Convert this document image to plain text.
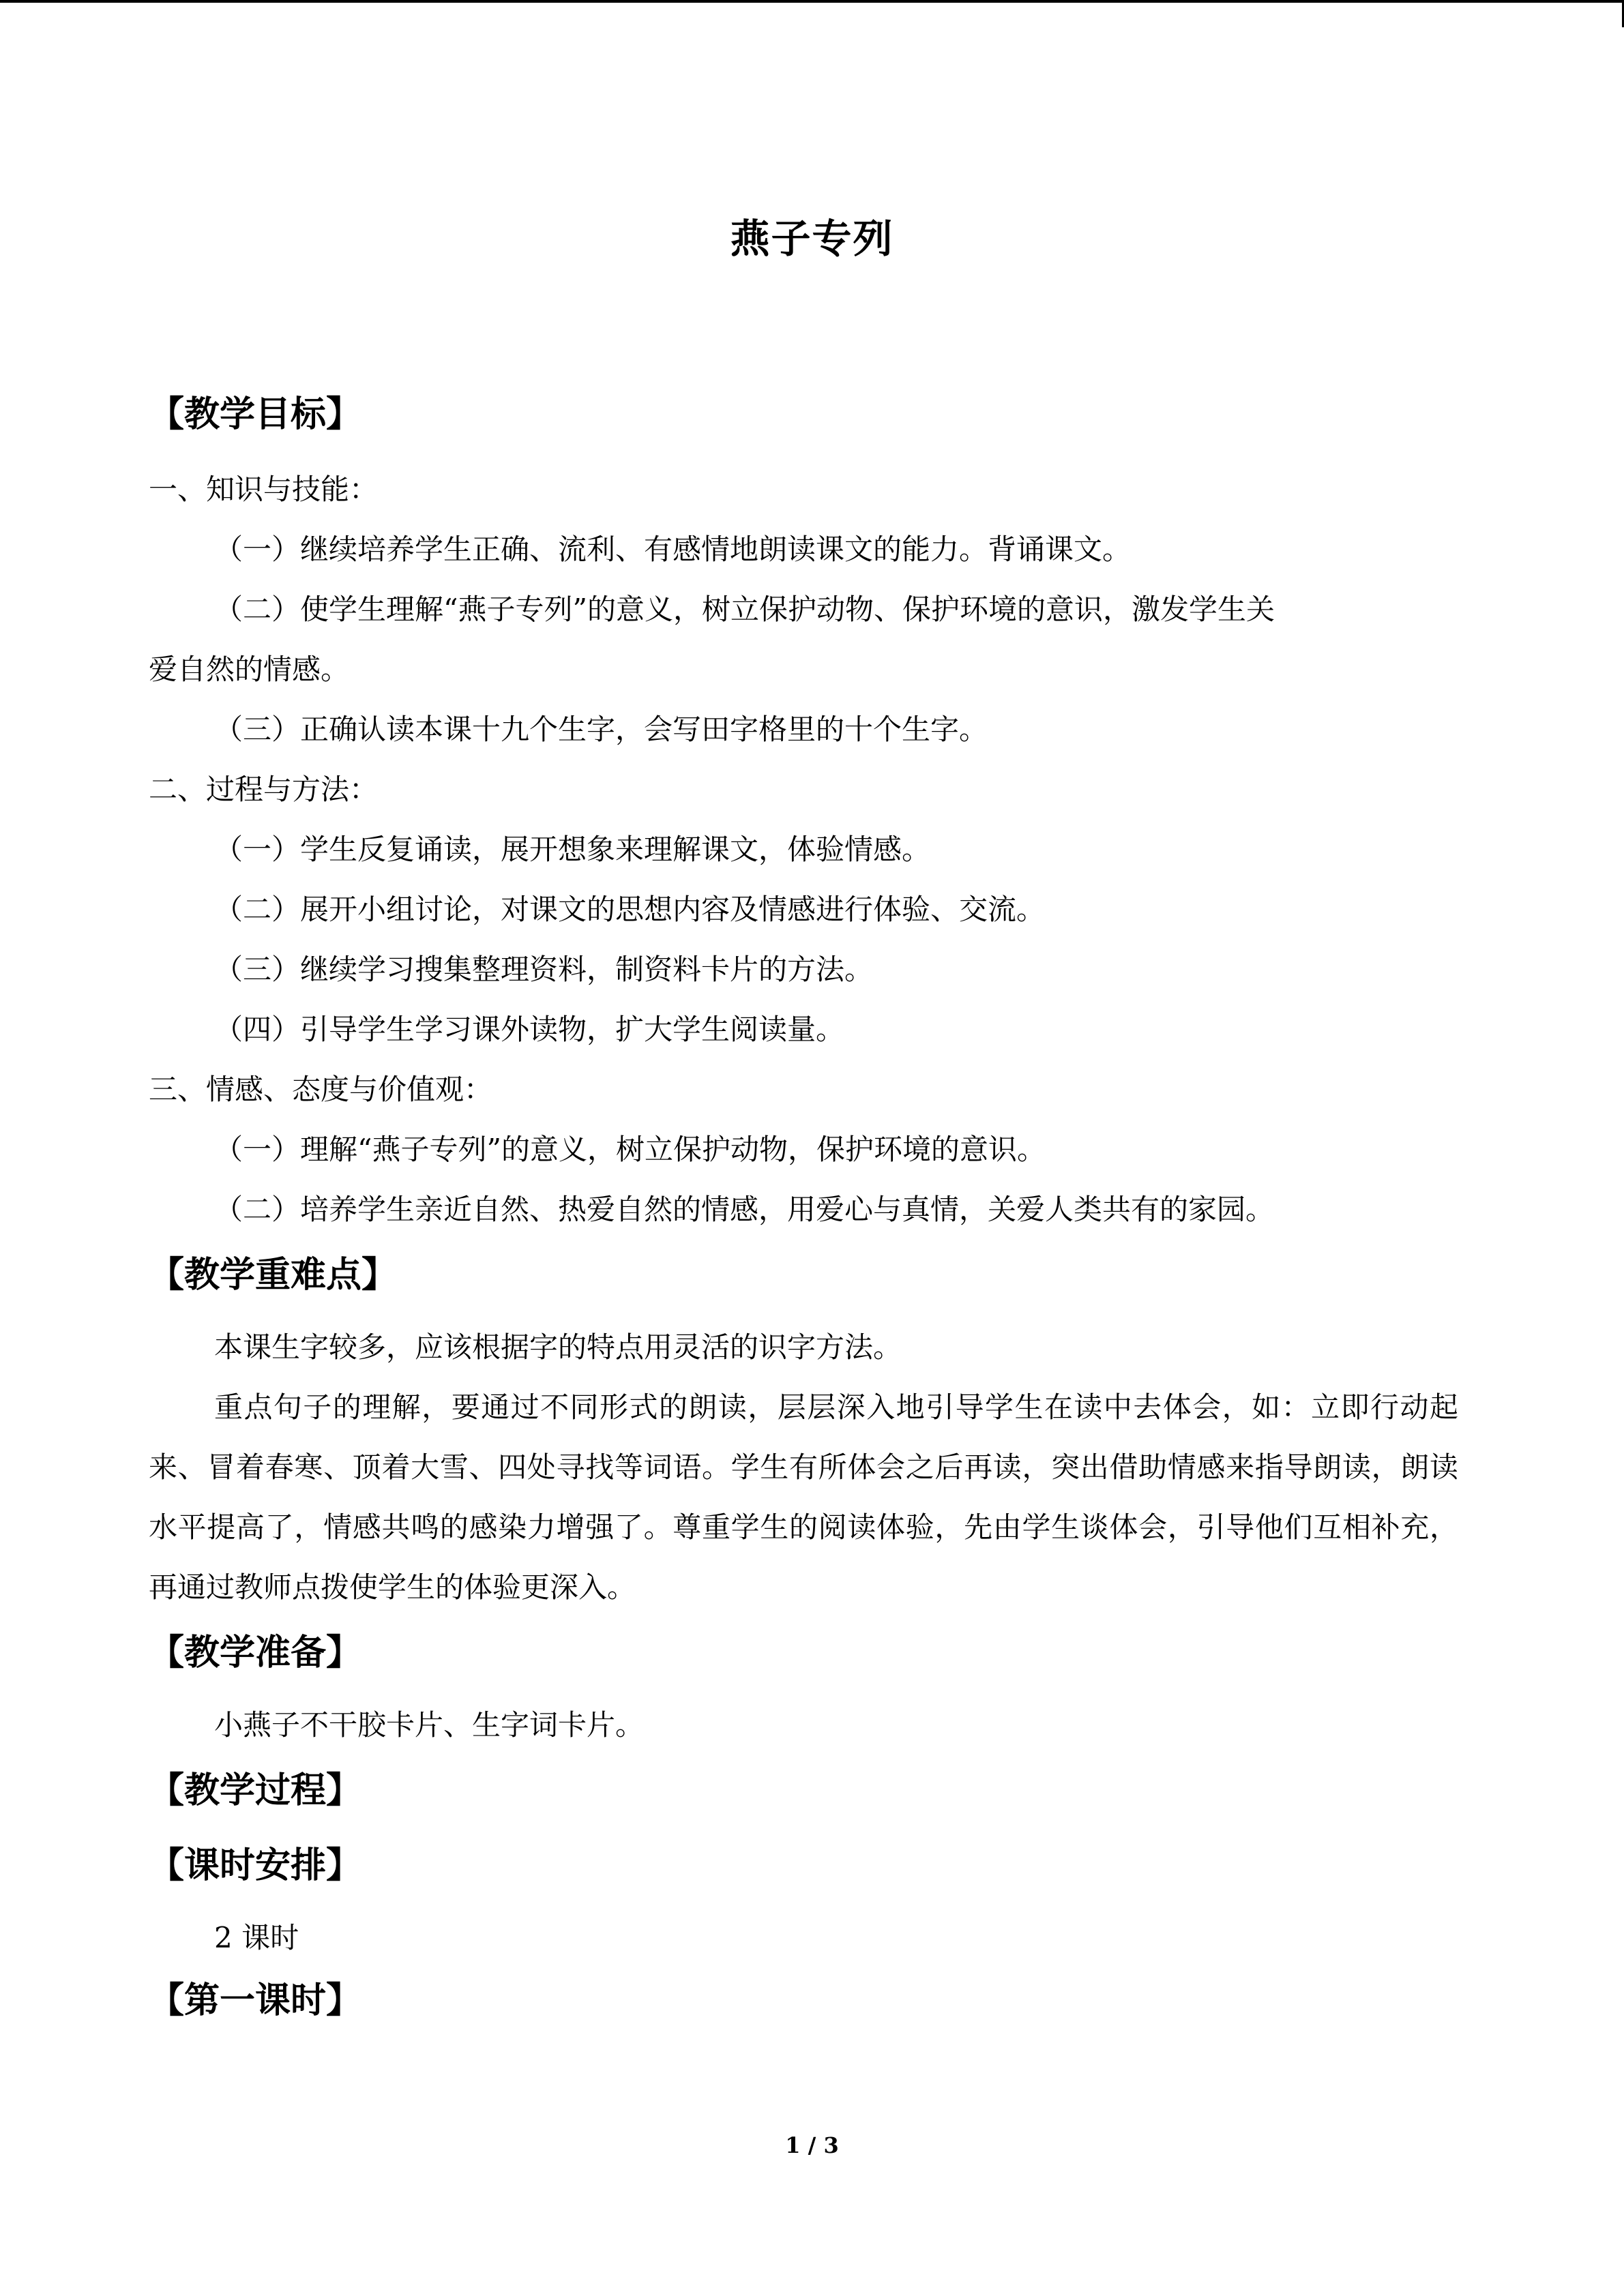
燕子专列
【教学目标】
一、知识与技能：
（一）继续培养学生正确、流利、有感情地朗读课文的能力。背诵课文。
（二）使学生理解“燕子专列”的意义，树立保护动物、保护环境的意识，激发学生关
爱自然的情感。
（三）正确认读本课十九个生字，会写田字格里的十个生字。
二、过程与方法：
（一）学生反复诵读，展开想象来理解课文，体验情感。
（二）展开小组讨论，对课文的思想内容及情感进行体验、交流。
（三）继续学习搜集整理资料，制资料卡片的方法。
（四）引导学生学习课外读物，扩大学生阅读量。
三、情感、态度与价值观：
（一）理解“燕子专列”的意义，树立保护动物，保护环境的意识。
（二）培养学生亲近自然、热爱自然的情感，用爱心与真情，关爱人类共有的家园。
【教学重难点】

本课生字较多，应该根据字的特点用灵活的识字方法。

重点句子的理解，要通过不同形式的朗读，层层深入地引导学生在读中去体会，如：立即行动起来、冒着春寒、顶着大雪、四处寻找等词语。学生有所体会之后再读，突出借助情感来指导朗读，朗读水平提高了，情感共鸣的感染力增强了。尊重学生的阅读体验，先由学生谈体会，引导他们互相补充，再通过教师点拨使学生的体验更深入。

【教学准备】

小燕子不干胶卡片、生字词卡片。

【教学过程】
【课时安排】

2 课时

【第一课时】
1 / 3
